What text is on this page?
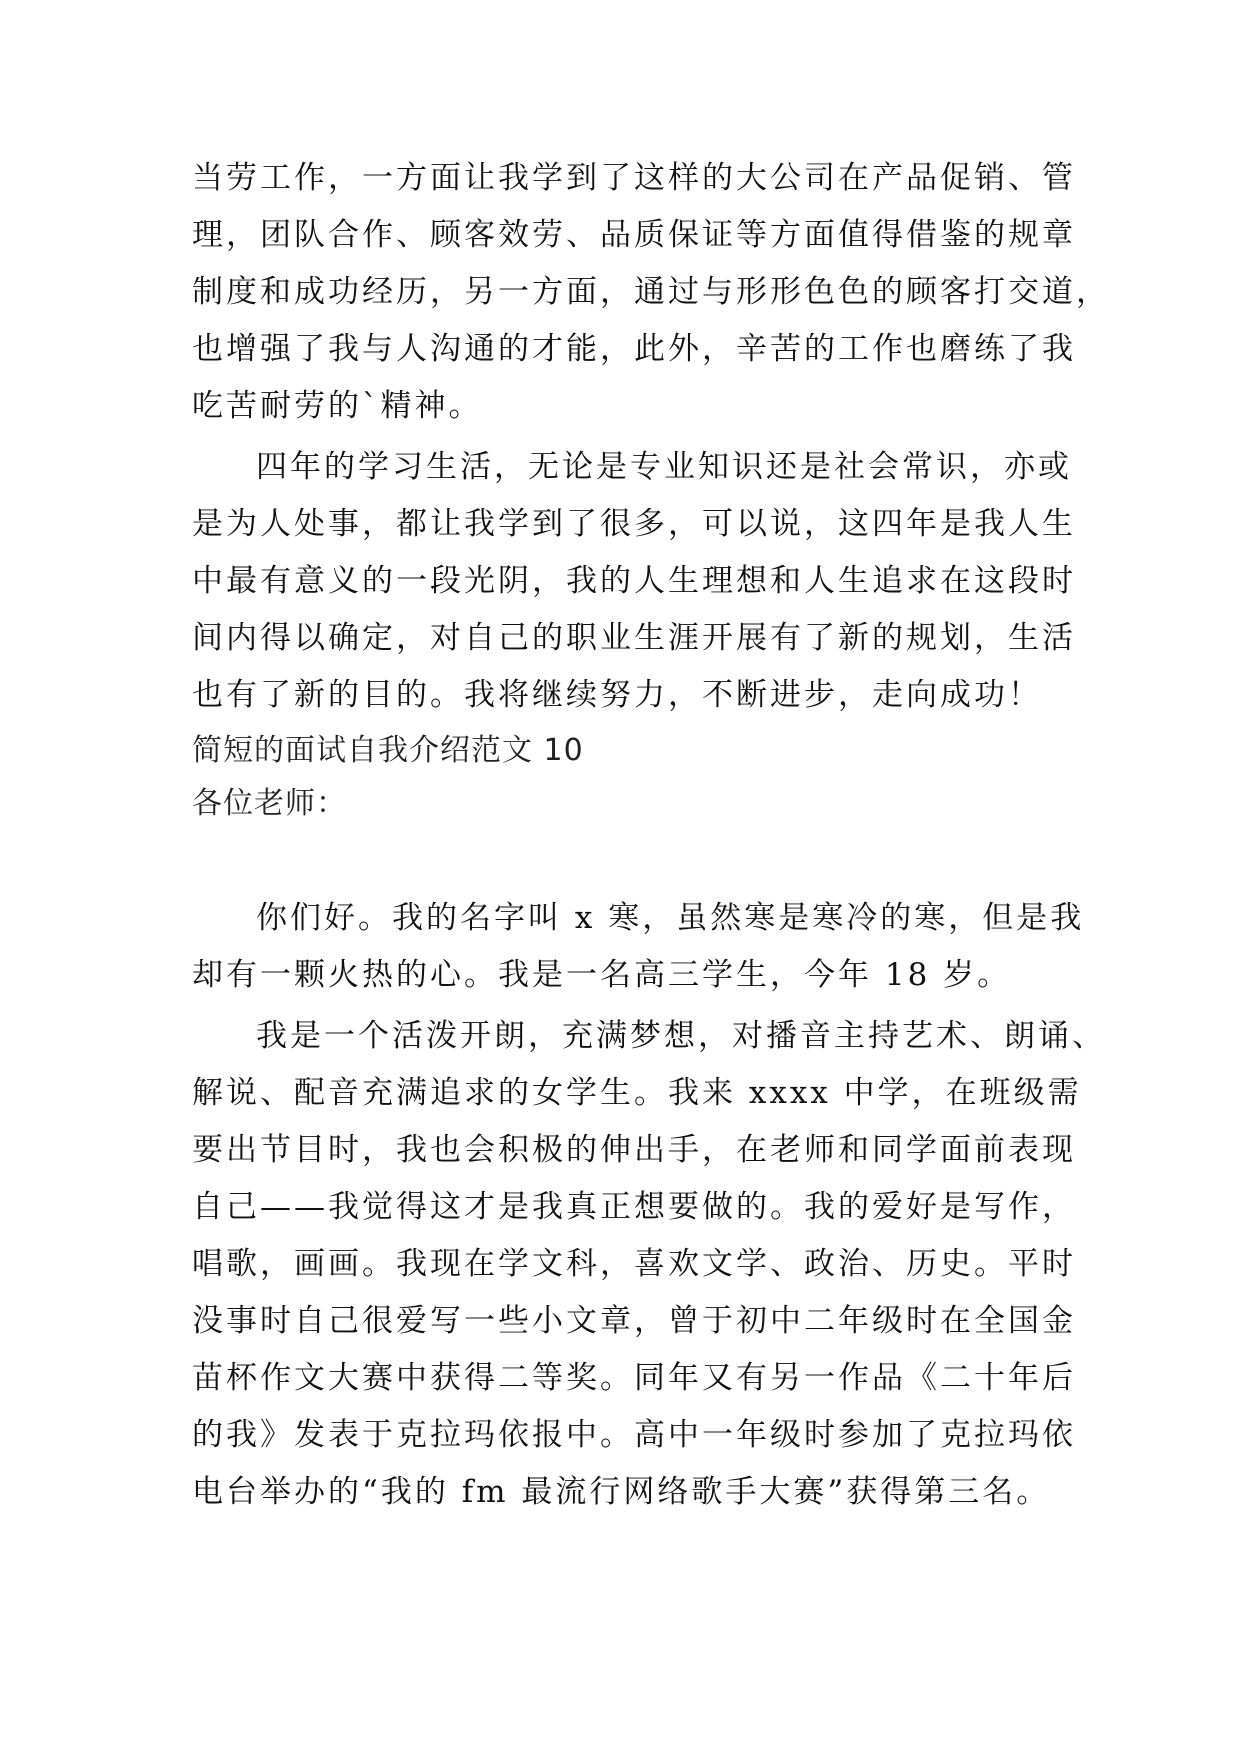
当劳工作，一方面让我学到了这样的大公司在产品促销、管
理，团队合作、顾客效劳、品质保证等方面值得借鉴的规章
制度和成功经历，另一方面，通过与形形色色的顾客打交道，
也增强了我与人沟通的才能，此外，辛苦的工作也磨练了我
吃苦耐劳的`精神。
四年的学习生活，无论是专业知识还是社会常识，亦或
是为人处事，都让我学到了很多，可以说，这四年是我人生
中最有意义的一段光阴，我的人生理想和人生追求在这段时
间内得以确定，对自己的职业生涯开展有了新的规划，生活
也有了新的目的。我将继续努力，不断进步，走向成功！
简短的面试自我介绍范文 10
各位老师：
你们好。我的名字叫 x 寒，虽然寒是寒冷的寒，但是我
却有一颗火热的心。我是一名高三学生，今年 18 岁。
我是一个活泼开朗，充满梦想，对播音主持艺术、朗诵、
解说、配音充满追求的女学生。我来 xxxx 中学，在班级需
要出节目时，我也会积极的伸出手，在老师和同学面前表现
自己——我觉得这才是我真正想要做的。我的爱好是写作，
唱歌，画画。我现在学文科，喜欢文学、政治、历史。平时
没事时自己很爱写一些小文章，曾于初中二年级时在全国金
苗杯作文大赛中获得二等奖。同年又有另一作品《二十年后
的我》发表于克拉玛依报中。高中一年级时参加了克拉玛依
电台举办的“我的 fm 最流行网络歌手大赛”获得第三名。
